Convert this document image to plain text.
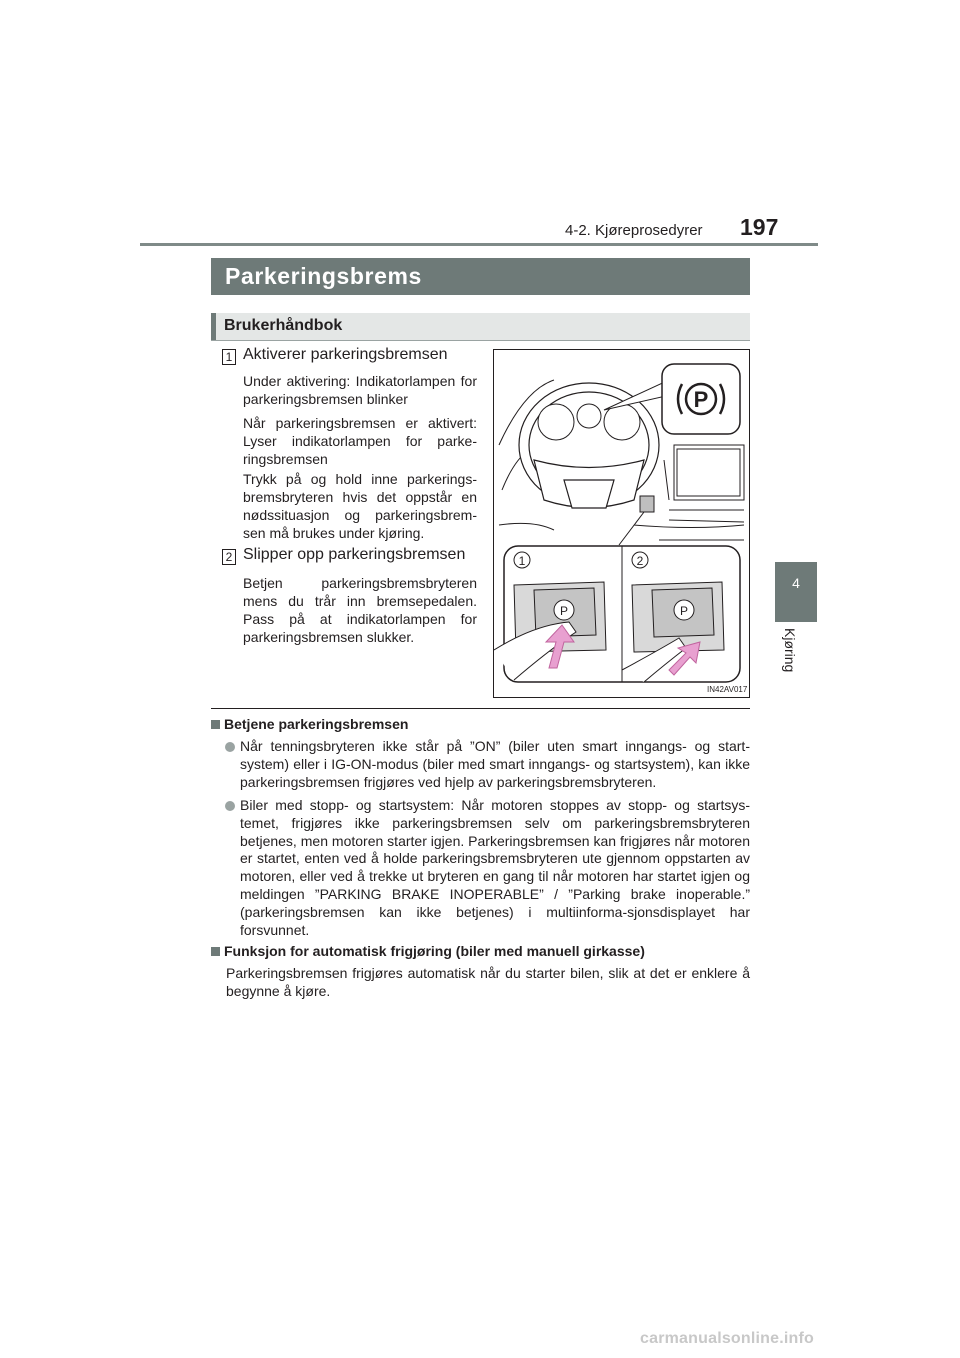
4-2. Kjøreprosedyrer 197
4
Kjøring
Parkeringsbrems
Brukerhåndbok
1 Aktiverer parkeringsbremsen
Under aktivering: Indikatorlampen for parkeringsbremsen blinker
Når parkeringsbremsen er aktivert: Lyser indikatorlampen for parke-ringsbremsen
Trykk på og hold inne parkerings-bremsbryteren hvis det oppstår en nødssituasjon og parkeringsbrem-sen må brukes under kjøring.
2 Slipper opp parkeringsbremsen
Betjen parkeringsbremsbryteren mens du trår inn bremsepedalen. Pass på at indikatorlampen for parkeringsbremsen slukker.
P
1	2
P	P
IN42AV017
Betjene parkeringsbremsen
Når tenningsbryteren ikke står på ”ON” (biler uten smart inngangs- og start-system) eller i IG-ON-modus (biler med smart inngangs- og startsystem), kan ikke parkeringsbremsen frigjøres ved hjelp av parkeringsbremsbryteren.
Biler med stopp- og startsystem: Når motoren stoppes av stopp- og startsys-temet, frigjøres ikke parkeringsbremsen selv om parkeringsbremsbryteren betjenes, men motoren starter igjen. Parkeringsbremsen kan frigjøres når motoren er startet, enten ved å holde parkeringsbremsbryteren ute gjennom oppstarten av motoren, eller ved å trekke ut bryteren en gang til når motoren har startet igjen og meldingen ”PARKING BRAKE INOPERABLE” / ”Parking brake inoperable.” (parkeringsbremsen kan ikke betjenes) i multiinforma-sjonsdisplayet har forsvunnet.
Funksjon for automatisk frigjøring (biler med manuell girkasse)
Parkeringsbremsen frigjøres automatisk når du starter bilen, slik at det er enklere å begynne å kjøre.
carmanualsonline.info
